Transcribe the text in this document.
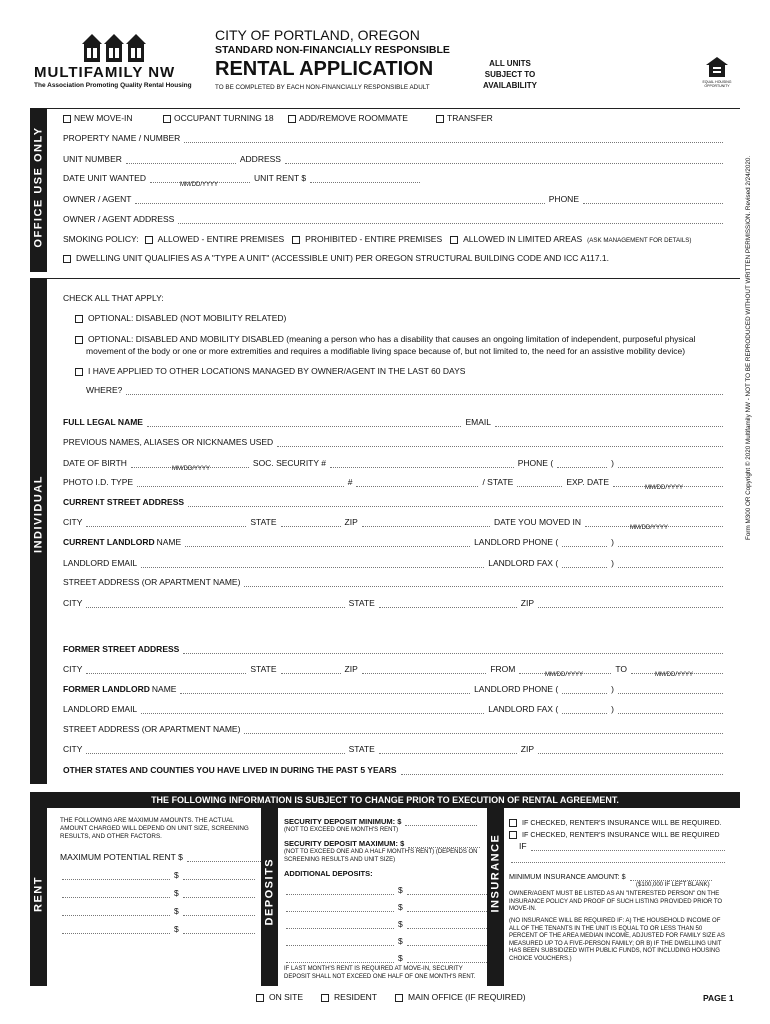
MULTIFAMILY NW
The Association Promoting Quality Rental Housing
CITY OF PORTLAND, OREGON
STANDARD NON-FINANCIALLY RESPONSIBLE
RENTAL APPLICATION
TO BE COMPLETED BY EACH NON-FINANCIALLY RESPONSIBLE ADULT
ALL UNITS
SUBJECT TO
AVAILABILITY	EQUAL HOUSING OPPORTUNITY
OFFICE USE ONLY
NEW MOVE-IN	OCCUPANT TURNING 18	ADD/REMOVE ROOMMATE	TRANSFER
PROPERTY NAME / NUMBER
UNIT NUMBER	ADDRESS
DATE UNIT WANTED	UNIT RENT $
MM/DD/YYYY
OWNER / AGENT	PHONE
OWNER / AGENT ADDRESS
SMOKING POLICY: ALLOWED - ENTIRE PREMISES PROHIBITED - ENTIRE PREMISES ALLOWED IN LIMITED AREAS (ASK MANAGEMENT FOR DETAILS)
DWELLING UNIT QUALIFIES AS A "TYPE A UNIT" (ACCESSIBLE UNIT) PER OREGON STRUCTURAL BUILDING CODE AND ICC A117.1.
INDIVIDUAL	Form M300 OR Copyright © 2020 Multifamily NW - NOT TO BE REPRODUCED WITHOUT WRITTEN PERMISSION. Revised 2/24/2020.
CHECK ALL THAT APPLY:
OPTIONAL: DISABLED (NOT MOBILITY RELATED)
OPTIONAL: DISABLED AND MOBILITY DISABLED (meaning a person who has a disability that causes an ongoing limitation of independent, purposeful physical
movement of the body or one or more extremities and requires a modifiable living space because of, but not limited to, the need for an assistive mobility device)
I HAVE APPLIED TO OTHER LOCATIONS MANAGED BY OWNER/AGENT IN THE LAST 60 DAYS
WHERE?
FULL LEGAL NAME	EMAIL
PREVIOUS NAMES, ALIASES OR NICKNAMES USED
DATE OF BIRTH	SOC. SECURITY #	PHONE (	)
MM/DD/YYYY
PHOTO I.D. TYPE	#	/ STATE	EXP. DATE
MM/DD/YYYY
CURRENT STREET ADDRESS
CITY	STATE	ZIP	DATE YOU MOVED IN
MM/DD/YYYY
CURRENT LANDLORD NAME	LANDLORD PHONE (	)
LANDLORD EMAIL	LANDLORD FAX (	)
STREET ADDRESS (OR APARTMENT NAME)
CITY	STATE	ZIP
FORMER STREET ADDRESS
CITY	STATE	ZIP	FROM	TO
MM/DD/YYYY	MM/DD/YYYY
FORMER LANDLORD NAME	LANDLORD PHONE (	)
LANDLORD EMAIL	LANDLORD FAX (	)
STREET ADDRESS (OR APARTMENT NAME)
CITY	STATE	ZIP
OTHER STATES AND COUNTIES YOU HAVE LIVED IN DURING THE PAST 5 YEARS
THE FOLLOWING INFORMATION IS SUBJECT TO CHANGE PRIOR TO EXECUTION OF RENTAL AGREEMENT.
RENT
THE FOLLOWING ARE MAXIMUM AMOUNTS. THE ACTUAL AMOUNT CHARGED WILL DEPEND ON UNIT SIZE, SCREENING RESULTS, AND OTHER FACTORS.
MAXIMUM POTENTIAL RENT $
$
$
$
$
DEPOSITS
SECURITY DEPOSIT MINIMUM: $
(NOT TO EXCEED ONE MONTH'S RENT)
SECURITY DEPOSIT MAXIMUM: $
(NOT TO EXCEED ONE AND A HALF MONTH'S RENT) (DEPENDS ON SCREENING RESULTS AND UNIT SIZE)
ADDITIONAL DEPOSITS:
$
$
$
$
$
IF LAST MONTH'S RENT IS REQUIRED AT MOVE-IN, SECURITY DEPOSIT SHALL NOT EXCEED ONE HALF OF ONE MONTH'S RENT.
INSURANCE
IF CHECKED, RENTER'S INSURANCE WILL BE REQUIRED.
IF CHECKED, RENTER'S INSURANCE WILL BE REQUIRED
IF
MINIMUM INSURANCE AMOUNT: $
($100,000 IF LEFT BLANK)
OWNER/AGENT MUST BE LISTED AS AN "INTERESTED PERSON" ON THE INSURANCE POLICY AND PROOF OF SUCH LISTING PROVIDED PRIOR TO MOVE-IN.
(NO INSURANCE WILL BE REQUIRED IF: A) THE HOUSEHOLD INCOME OF ALL OF THE TENANTS IN THE UNIT IS EQUAL TO OR LESS THAN 50 PERCENT OF THE AREA MEDIAN INCOME, ADJUSTED FOR FAMILY SIZE AS MEASURED UP TO A FIVE-PERSON FAMILY; OR B) IF THE DWELLING UNIT HAS BEEN SUBSIDIZED WITH PUBLIC FUNDS, NOT INCLUDING HOUSING CHOICE VOUCHERS.)
ON SITE	RESIDENT	MAIN OFFICE (IF REQUIRED)	PAGE 1
